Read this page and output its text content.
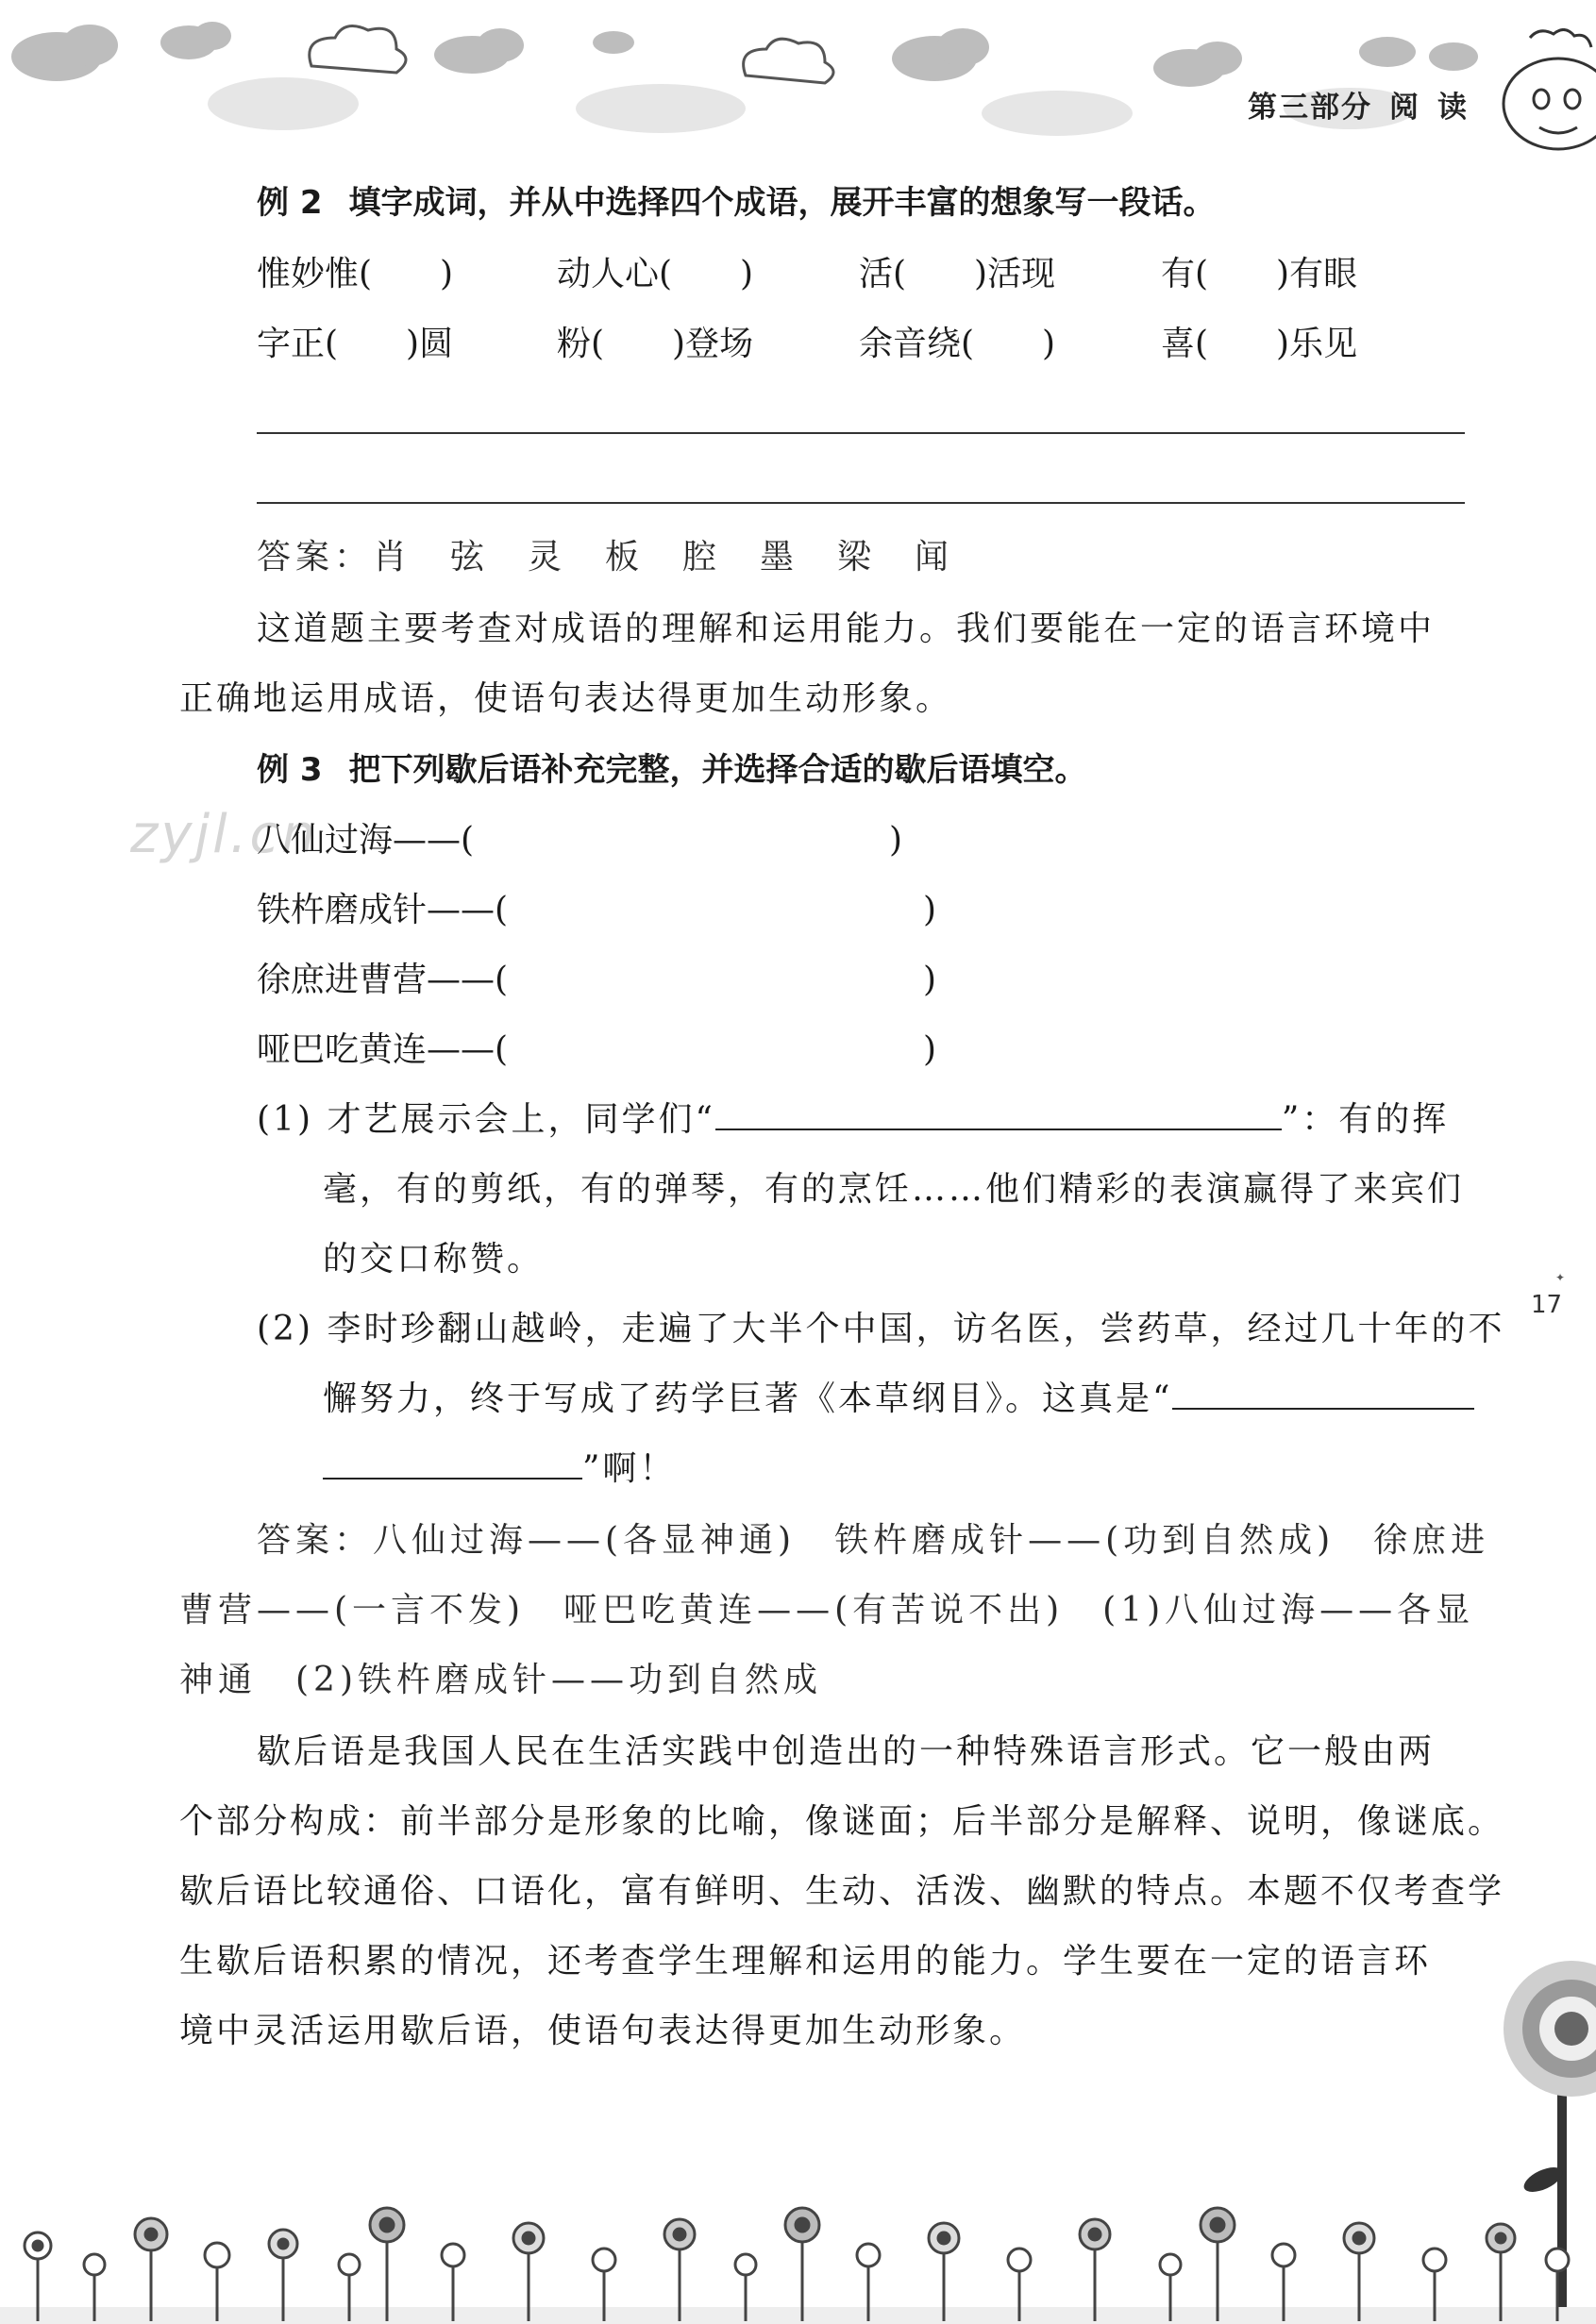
第三部分 阅 读
zyjl.cn
例 2 填字成词，并从中选择四个成语，展开丰富的想象写一段话。
惟妙惟(　　)	动人心(　　)	活(　　)活现	有(　　)有眼
字正(　　)圆	粉(　　)登场	余音绕(　　)	喜(　　)乐见
答案：肖　弦　灵　板　腔　墨　梁　闻
这道题主要考查对成语的理解和运用能力。我们要能在一定的语言环境中
正确地运用成语，使语句表达得更加生动形象。
例 3 把下列歇后语补充完整，并选择合适的歇后语填空。
八仙过海——(	)
铁杵磨成针——(	)
徐庶进曹营——(	)
哑巴吃黄连——(	)
(1) 才艺展示会上，同学们“	”：有的挥
毫，有的剪纸，有的弹琴，有的烹饪……他们精彩的表演赢得了来宾们
的交口称赞。
(2) 李时珍翻山越岭，走遍了大半个中国，访名医，尝药草，经过几十年的不
懈努力，终于写成了药学巨著《本草纲目》。这真是“
”啊！
答案：八仙过海——(各显神通)　铁杵磨成针——(功到自然成)　徐庶进
曹营——(一言不发)　哑巴吃黄连——(有苦说不出)　(1)八仙过海——各显
神通　(2)铁杵磨成针——功到自然成
歇后语是我国人民在生活实践中创造出的一种特殊语言形式。它一般由两
个部分构成：前半部分是形象的比喻，像谜面；后半部分是解释、说明，像谜底。
歇后语比较通俗、口语化，富有鲜明、生动、活泼、幽默的特点。本题不仅考查学
生歇后语积累的情况，还考查学生理解和运用的能力。学生要在一定的语言环
境中灵活运用歇后语，使语句表达得更加生动形象。
✦
17
